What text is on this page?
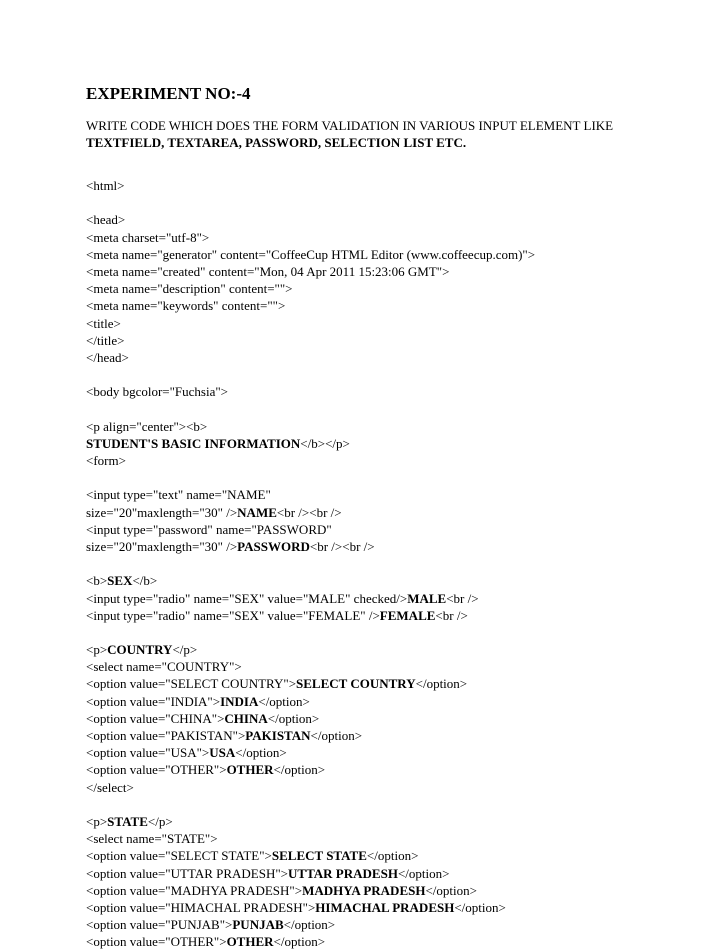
EXPERIMENT NO:-4
WRITE CODE WHICH DOES THE FORM VALIDATION IN VARIOUS INPUT ELEMENT LIKE
TEXTFIELD, TEXTAREA, PASSWORD, SELECTION LIST ETC.
<html>
<head>
<meta charset="utf-8">
<meta name="generator" content="CoffeeCup HTML Editor (www.coffeecup.com)">
<meta name="created" content="Mon, 04 Apr 2011 15:23:06 GMT">
<meta name="description" content="">
<meta name="keywords" content="">
<title>
</title>
</head>
<body bgcolor="Fuchsia">
<p align="center"><b>
STUDENT'S BASIC INFORMATION</b></p>
<form>
<input type="text" name="NAME"
size="20"maxlength="30" />NAME<br /><br />
<input type="password" name="PASSWORD"
size="20"maxlength="30" />PASSWORD<br /><br />
<b>SEX</b>
<input type="radio" name="SEX" value="MALE" checked/>MALE<br />
<input type="radio" name="SEX" value="FEMALE" />FEMALE<br />
<p>COUNTRY</p>
<select name="COUNTRY">
<option value="SELECT COUNTRY">SELECT COUNTRY</option>
<option value="INDIA">INDIA</option>
<option value="CHINA">CHINA</option>
<option value="PAKISTAN">PAKISTAN</option>
<option value="USA">USA</option>
<option value="OTHER">OTHER</option>
</select>
<p>STATE</p>
<select name="STATE">
<option value="SELECT STATE">SELECT STATE</option>
<option value="UTTAR PRADESH">UTTAR PRADESH</option>
<option value="MADHYA PRADESH">MADHYA PRADESH</option>
<option value="HIMACHAL PRADESH">HIMACHAL PRADESH</option>
<option value="PUNJAB">PUNJAB</option>
<option value="OTHER">OTHER</option>
